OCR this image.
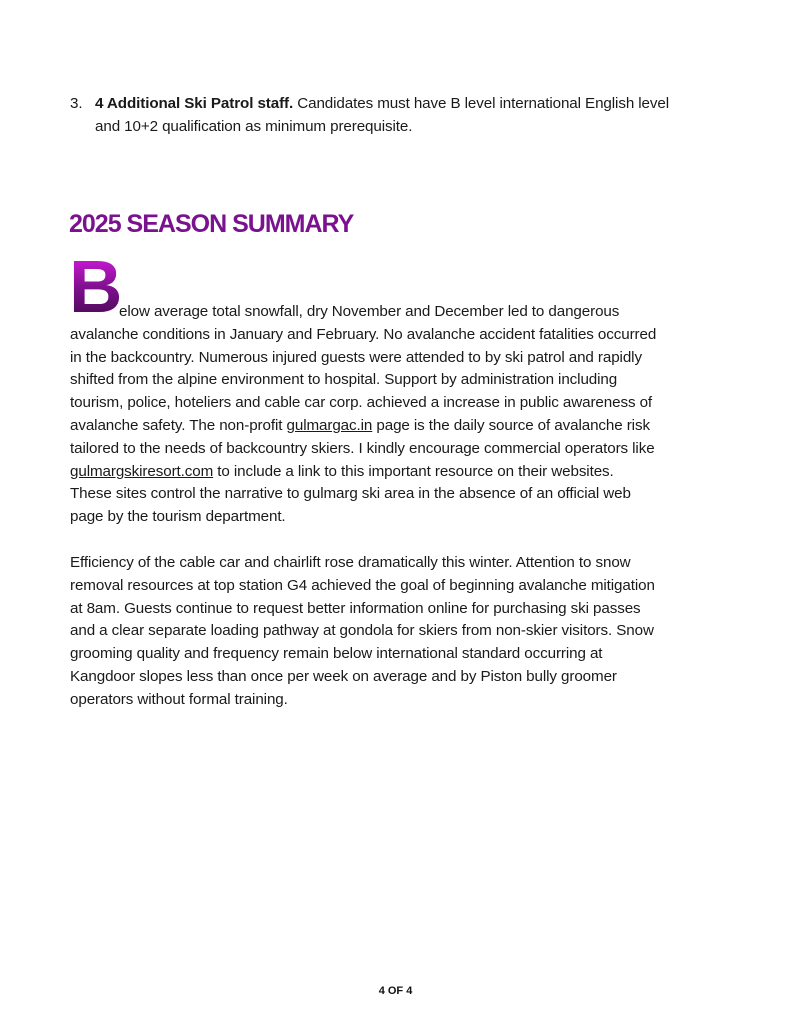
3. 4 Additional Ski Patrol staff. Candidates must have B level international English level
and 10+2 qualification as minimum prerequisite.
2025 SEASON SUMMARY
B
elow average total snowfall, dry November and December led to dangerous
avalanche conditions in January and February. No avalanche accident fatalities occurred
in the backcountry. Numerous injured guests were attended to by ski patrol and rapidly
shifted from the alpine environment to hospital. Support by administration including
tourism, police, hoteliers and cable car corp. achieved a increase in public awareness of
avalanche safety. The non-profit gulmargac.in page is the daily source of avalanche risk
tailored to the needs of backcountry skiers. I kindly encourage commercial operators like
gulmargskiresort.com to include a link to this important resource on their websites.
These sites control the narrative to gulmarg ski area in the absence of an official web
page by the tourism department.
Efficiency of the cable car and chairlift rose dramatically this winter. Attention to snow
removal resources at top station G4 achieved the goal of beginning avalanche mitigation
at 8am. Guests continue to request better information online for purchasing ski passes
and a clear separate loading pathway at gondola for skiers from non-skier visitors. Snow
grooming quality and frequency remain below international standard occurring at
Kangdoor slopes less than once per week on average and by Piston bully groomer
operators without formal training.
4 OF 4
